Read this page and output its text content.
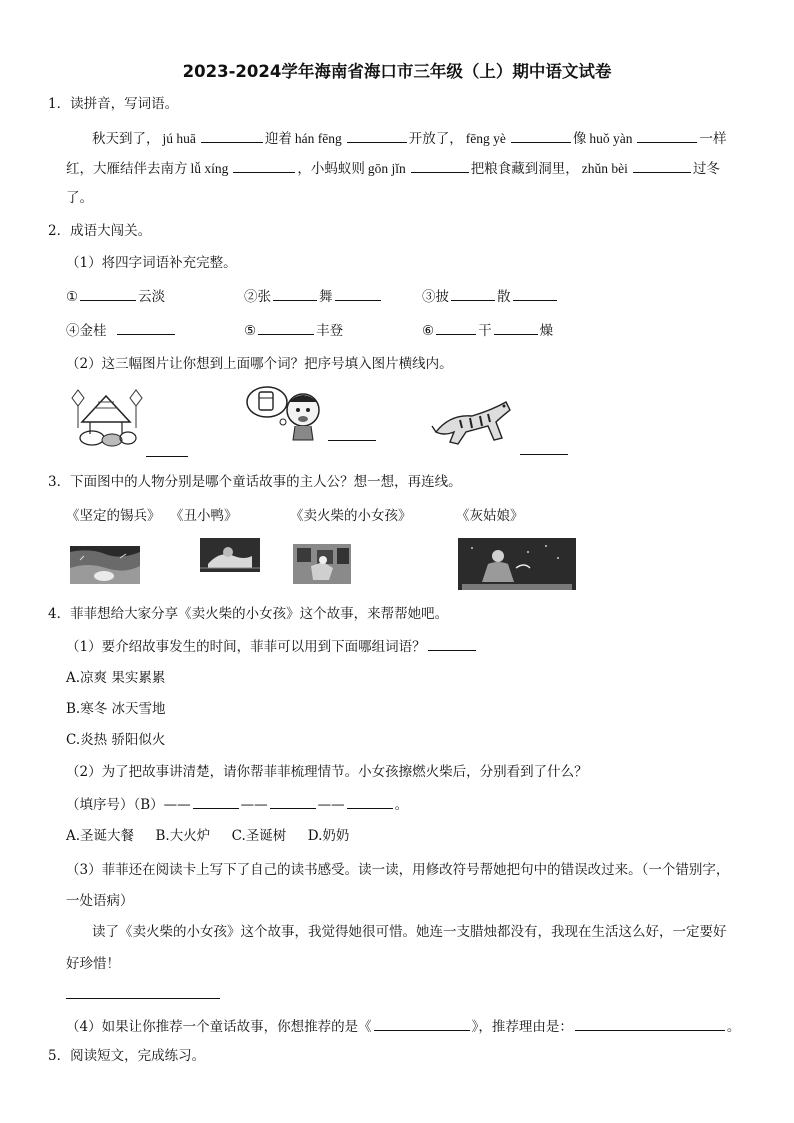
2023-2024学年海南省海口市三年级（上）期中语文试卷
1．读拼音，写词语。
秋天到了， jú huā	迎着 hán fēng	开放了， fēng yè	像 huǒ yàn	一样
红，大雁结伴去南方 lǚ xíng	，小蚂蚁则 gōn jǐn	把粮食藏到洞里， zhǔn bèi	过冬
了。
2．成语大闯关。
（1）将四字词语补充完整。
①	云淡	②张	舞	③披	散
④金桂	⑤	丰登	⑥	干	燥
（2）这三幅图片让你想到上面哪个词？把序号填入图片横线内。
3．下面图中的人物分别是哪个童话故事的主人公？想一想，再连线。
《坚定的锡兵》 《丑小鸭》	《卖火柴的小女孩》	《灰姑娘》
4．菲菲想给大家分享《卖火柴的小女孩》这个故事，来帮帮她吧。
（1）要介绍故事发生的时间，菲菲可以用到下面哪组词语？
A.凉爽 果实累累
B.寒冬 冰天雪地
C.炎热 骄阳似火
（2）为了把故事讲清楚，请你帮菲菲梳理情节。小女孩擦燃火柴后，分别看到了什么？
（填序号）（B）——	——	——	。
A.圣诞大餐     B.大火炉     C.圣诞树     D.奶奶
（3）菲菲还在阅读卡上写下了自己的读书感受。读一读，用修改符号帮她把句中的错误改过来。（一个错别字，
一处语病）
读了《卖火柴的小女孩》这个故事，我觉得她很可惜。她连一支腊烛都没有，我现在生活这么好，一定要好
好珍惜！
（4）如果让你推荐一个童话故事，你想推荐的是《	》，推荐理由是：	。
5．阅读短文，完成练习。
